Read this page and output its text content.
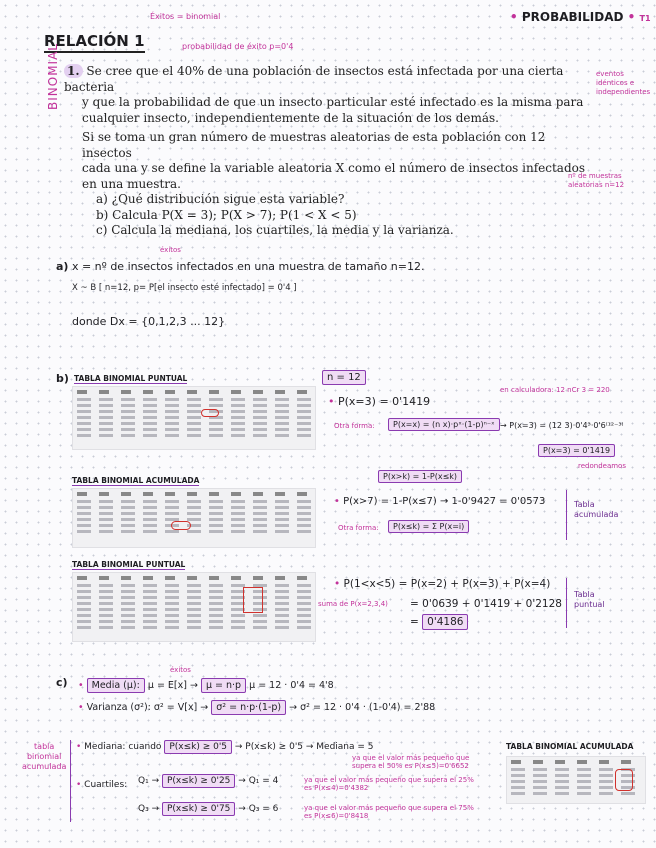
Éxitos = binomial	• PROBABILIDAD • T1
RELACIÓN 1	probabilidad de éxito p=0'4
BINOMIAL 1. Se cree que el 40% de una población de insectos está infectada por una cierta bacteria
y que la probabilidad de que un insecto particular esté infectado es la misma para
cualquier insecto, independientemente de la situación de los demás.
Si se toma un gran número de muestras aleatorias de esta población con 12 insectos
cada una y se define la variable aleatoria X como el número de insectos infectados
en una muestra.
a) ¿Qué distribución sigue esta variable?
b) Calcula P(X = 3); P(X > 7); P(1 < X < 5)
c) Calcula la mediana, los cuartiles, la media y la varianza.
eventos
idénticos e
independientes
nº de muestras
aleatorias n=12
éxitos
a) x = nº de insectos infectados en una muestra de tamaño n=12.
X ~ B [ n=12, p= P[el insecto esté infectado] = 0'4 ]
donde Dx = {0,1,2,3 ... 12}
b) TABLA BINOMIAL PUNTUAL	n = 12
en calculadora: 12 nCr 3 = 220
• P(x=3) = 0'1419
Otra forma:	P(x=x) = (n x)·pˣ·(1-p)ⁿ⁻ˣ → P(x=3) = (12 3)·0'4³·0'6⁽¹²⁻³⁾
P(x=3) = 0'1419
redondeamos
TABLA BINOMIAL ACUMULADA	P(x>k) = 1-P(x≤k)
• P(x>7) = 1-P(x≤7) → 1-0'9427 = 0'0573
Otra forma:	P(x≤k) = Σ P(x=i)
Tabla
acumulada
TABLA BINOMIAL PUNTUAL
• P(1<x<5) = P(x=2) + P(x=3) + P(x=4)
suma de P(x=2,3,4) = 0'0639 + 0'1419 + 0'2128
= 0'4186
Tabla
puntual
c)
éxitos
• Media (μ): μ = E[x] → μ = n·p μ = 12 · 0'4 = 4'8
• Varianza (σ²): σ² = V[x] → σ² = n·p·(1-p) → σ² = 12 · 0'4 · (1-0'4) = 2'88
tabla
binomial
acumulada
• Mediana: cuando P(x≤k) ≥ 0'5 → P(x≤k) ≥ 0'5 → Mediana = 5
ya que el valor más pequeño que
supera el 50% es P(x≤5)=0'6652
• Cuartiles: Q₁ → P(x≤k) ≥ 0'25 → Q₁ = 4	ya que el valor más pequeño que supera el 25%
es P(x≤4)=0'4382
Q₃ → P(x≤k) ≥ 0'75 → Q₃ = 6	ya que el valor más pequeño que supera el 75%
es P(x≤6)=0'8418
TABLA BINOMIAL ACUMULADA
